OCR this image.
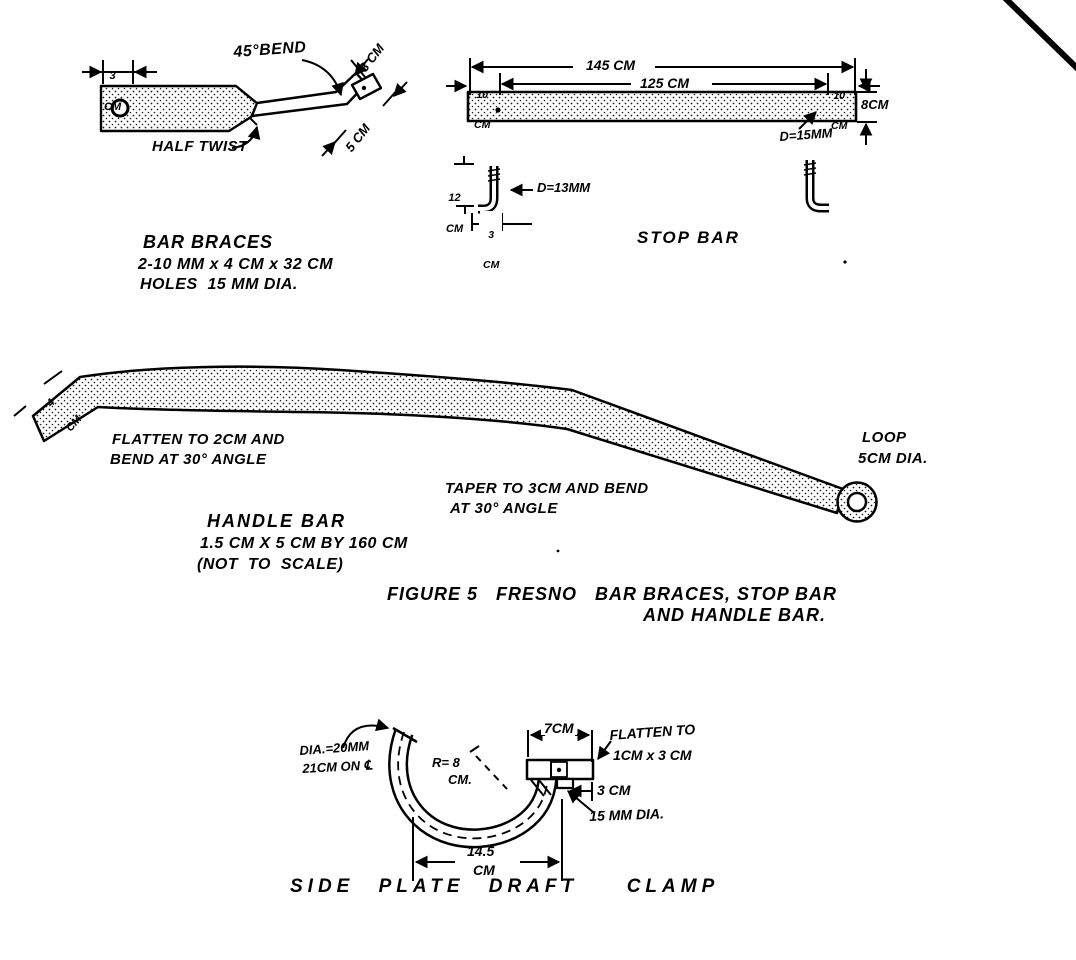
3

CM

45°BEND	3 CM
5 CM
HALF TWIST
BAR BRACES
2-10 MM x 4 CM x 32 CM
HOLES  15 MM DIA.
145 CM
125 CM

10

CM

10

CM

8CM
D=15MM

12

CM

	3

CM

D=13MM
STOP BAR

4

CM

FLATTEN TO 2CM AND
BEND AT 30° ANGLE
TAPER TO 3CM AND BEND
AT 30° ANGLE
LOOP
5CM DIA.
HANDLE BAR
1.5 CM X 5 CM BY 160 CM
(NOT  TO  SCALE)
FIGURE 5   FRESNO   BAR BRACES, STOP BAR
AND HANDLE BAR.
DIA.=20MM
21CM ON ℄	R= 8
CM.
7CM	FLATTEN TO
1CM x 3 CM
3 CM
15 MM DIA.
14.5
CM
SIDE PLATE DRAFT  CLAMP
